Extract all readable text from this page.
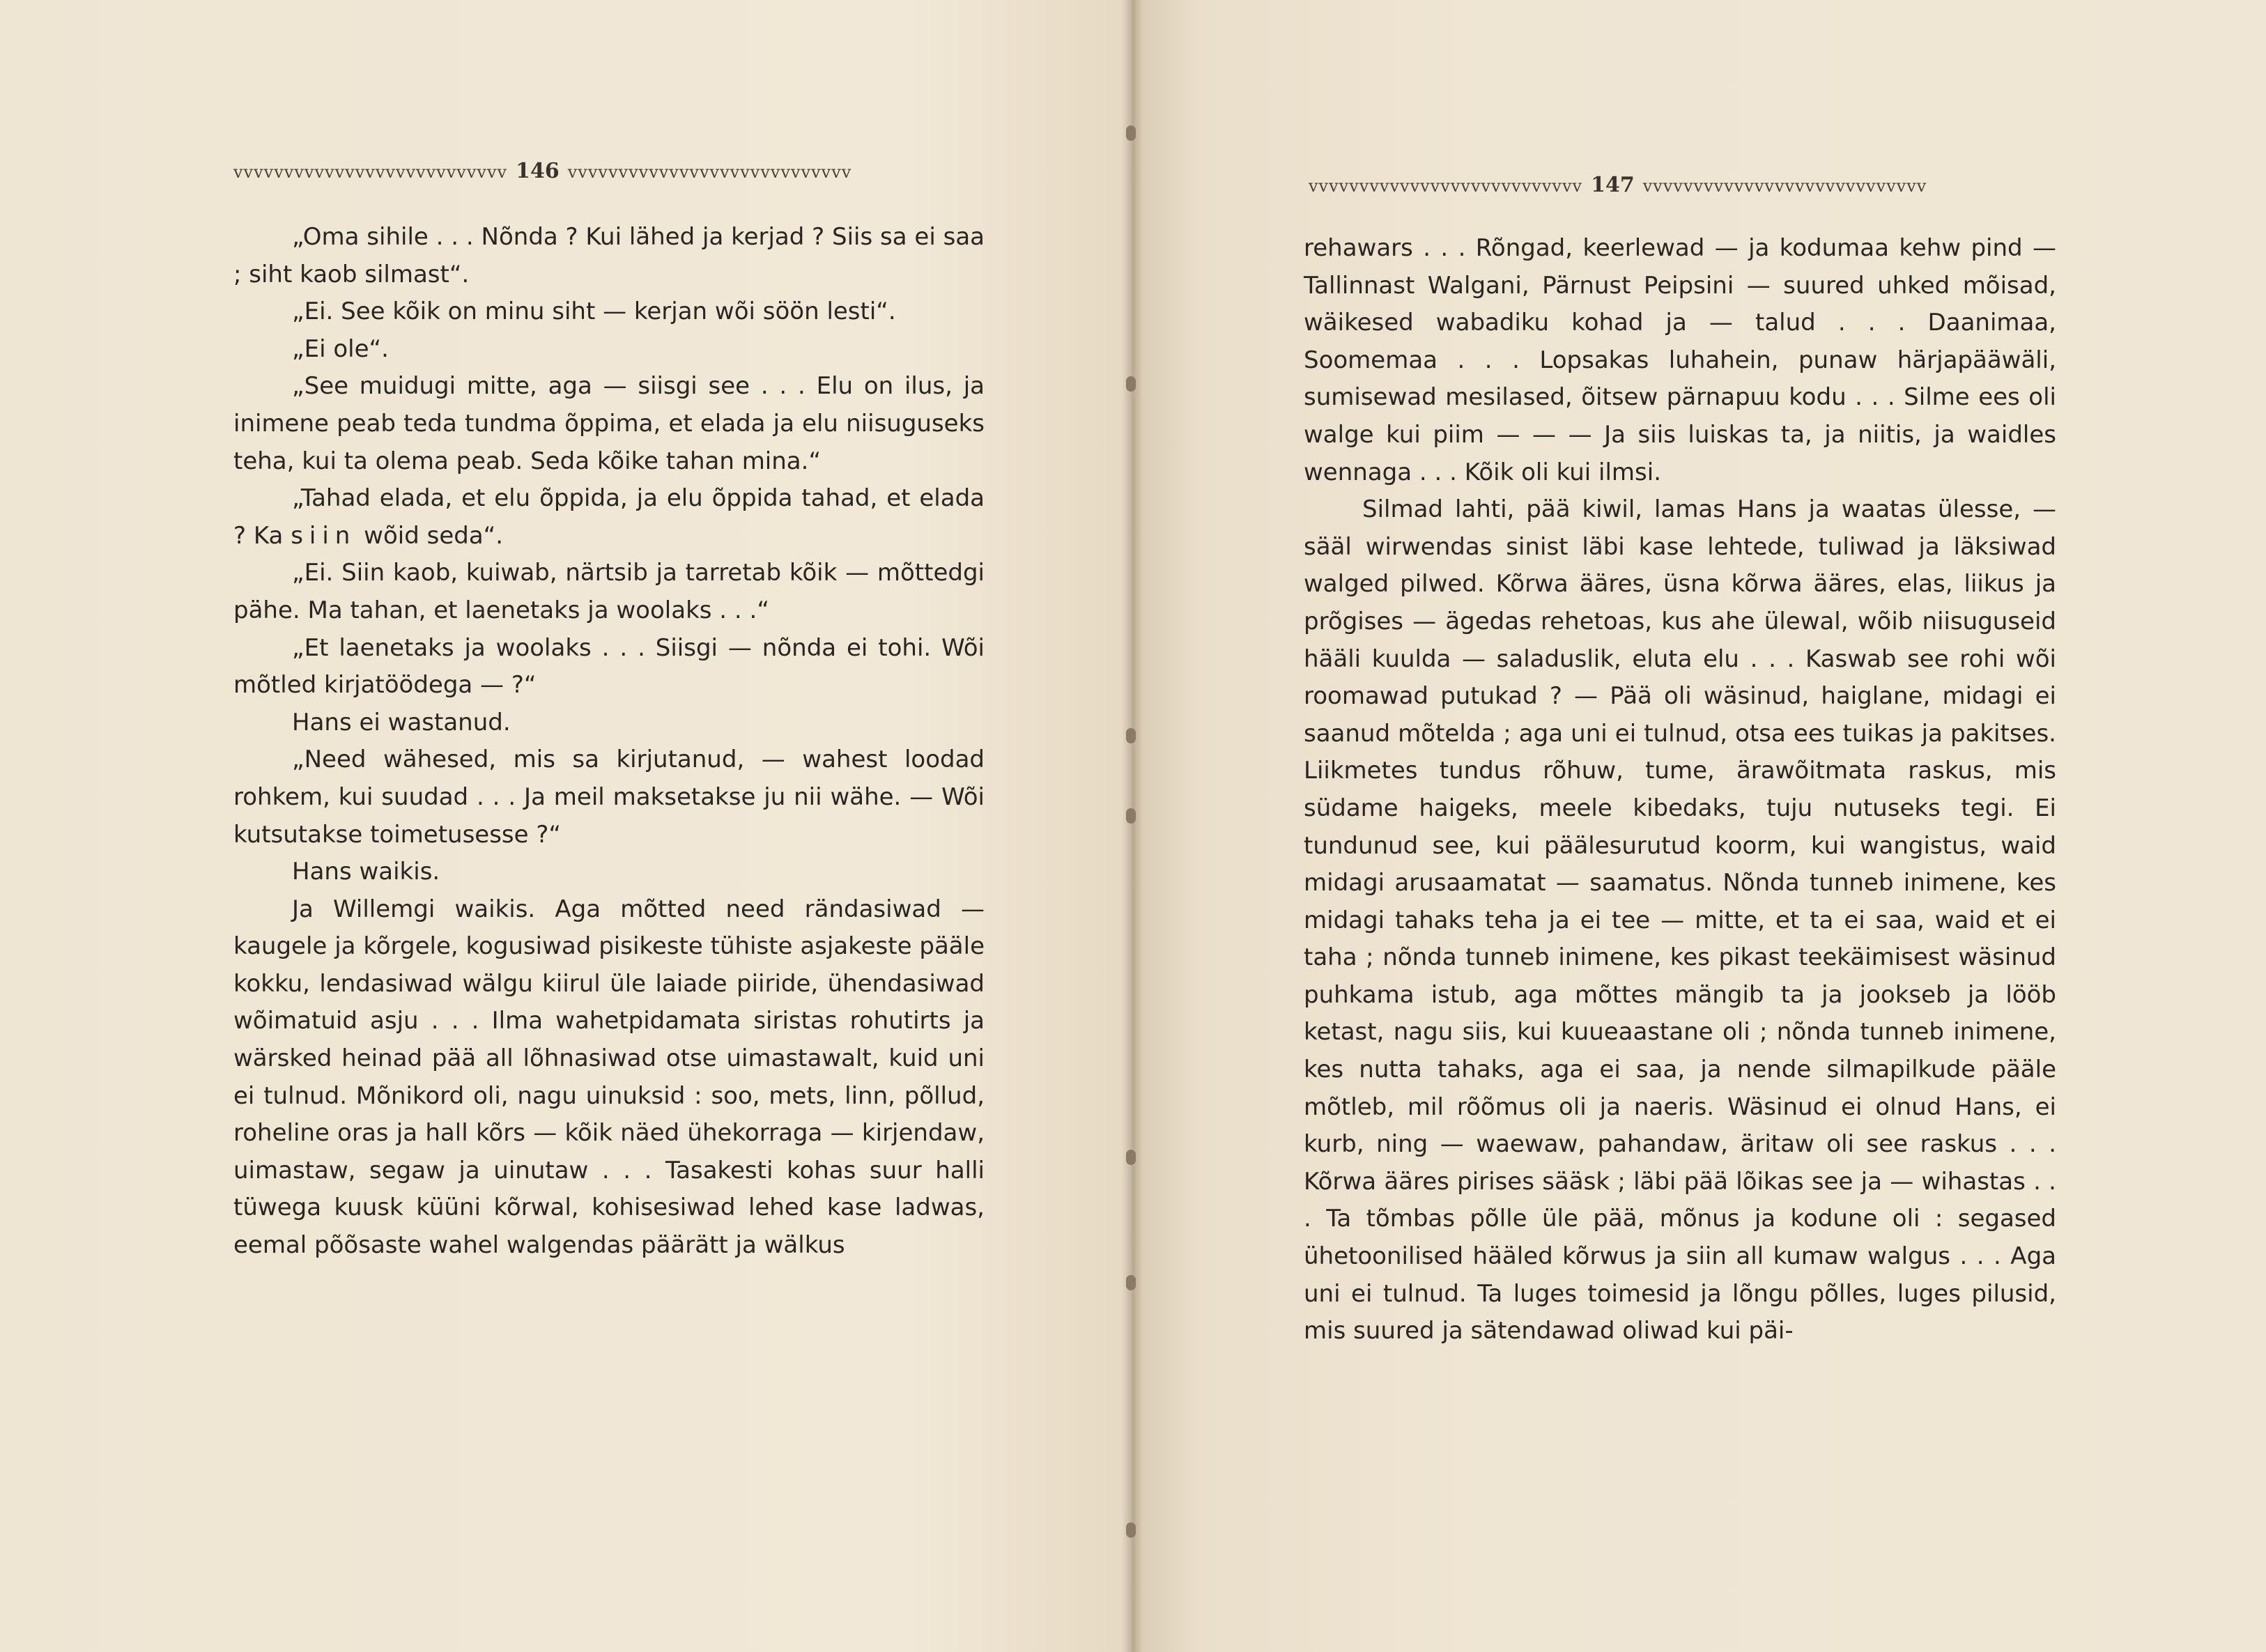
vvvvvvvvvvvvvvvvvvvvvvvvvvv 146 vvvvvvvvvvvvvvvvvvvvvvvvvvvv

„Oma sihile . . . Nõnda ? Kui lähed ja kerjad ? Siis sa ei saa ; siht kaob silmast“.

„Ei. See kõik on minu siht — kerjan wõi söön lesti“.

„Ei ole“.

„See muidugi mitte, aga — siisgi see . . . Elu on ilus, ja inimene peab teda tundma õppima, et elada ja elu niisuguseks teha, kui ta olema peab. Seda kõike tahan mina.“

„Tahad elada, et elu õppida, ja elu õppida tahad, et elada ? Ka siin wõid seda“.

„Ei. Siin kaob, kuiwab, närtsib ja tarretab kõik — mõttedgi pähe. Ma tahan, et laenetaks ja woolaks . . .“

„Et laenetaks ja woolaks . . . Siisgi — nõnda ei tohi. Wõi mõtled kirjatöödega — ?“

Hans ei wastanud.

„Need wähesed, mis sa kirjutanud, — wahest loodad rohkem, kui suudad . . . Ja meil maksetakse ju nii wähe. — Wõi kutsutakse toimetusesse ?“

Hans waikis.

Ja Willemgi waikis. Aga mõtted need rändasiwad — kaugele ja kõrgele, kogusiwad pisikeste tühiste asjakeste pääle kokku, lendasiwad wälgu kiirul üle laiade piiride, ühendasiwad wõimatuid asju . . . Ilma wahetpidamata siristas rohutirts ja wärsked heinad pää all lõhnasiwad otse uimastawalt, kuid uni ei tulnud. Mõnikord oli, nagu uinuksid : soo, mets, linn, põllud, roheline oras ja hall kõrs — kõik näed ühekorraga — kirjendaw, uimastaw, segaw ja uinutaw . . . Tasakesti kohas suur halli tüwega kuusk küüni kõrwal, kohisesiwad lehed kase ladwas, eemal põõsaste wahel walgendas päärätt ja wälkus

vvvvvvvvvvvvvvvvvvvvvvvvvvv 147 vvvvvvvvvvvvvvvvvvvvvvvvvvvv

rehawars . . . Rõngad, keerlewad — ja kodumaa kehw pind — Tallinnast Walgani, Pärnust Peipsini — suured uhked mõisad, wäikesed wabadiku kohad ja — talud . . . Daanimaa, Soomemaa . . . Lopsakas luhahein, punaw härjapääwäli, sumisewad mesilased, õitsew pärnapuu kodu . . . Silme ees oli walge kui piim — — — Ja siis luiskas ta, ja niitis, ja waidles wennaga . . . Kõik oli kui ilmsi.

Silmad lahti, pää kiwil, lamas Hans ja waatas ülesse, — sääl wirwendas sinist läbi kase lehtede, tuliwad ja läksiwad walged pilwed. Kõrwa ääres, üsna kõrwa ääres, elas, liikus ja prõgises — ägedas rehetoas, kus ahe ülewal, wõib niisuguseid hääli kuulda — saladuslik, eluta elu . . . Kaswab see rohi wõi roomawad putukad ? — Pää oli wäsinud, haiglane, midagi ei saanud mõtelda ; aga uni ei tulnud, otsa ees tuikas ja pakitses. Liikmetes tundus rõhuw, tume, ärawõitmata raskus, mis südame haigeks, meele kibedaks, tuju nutuseks tegi. Ei tundunud see, kui päälesurutud koorm, kui wangistus, waid midagi arusaamatat — saamatus. Nõnda tunneb inimene, kes midagi tahaks teha ja ei tee — mitte, et ta ei saa, waid et ei taha ; nõnda tunneb inimene, kes pikast teekäimisest wäsinud puhkama istub, aga mõttes mängib ta ja jookseb ja lööb ketast, nagu siis, kui kuueaastane oli ; nõnda tunneb inimene, kes nutta tahaks, aga ei saa, ja nende silmapilkude pääle mõtleb, mil rõõmus oli ja naeris. Wäsinud ei olnud Hans, ei kurb, ning — waewaw, pahandaw, äritaw oli see raskus . . . Kõrwa ääres pirises sääsk ; läbi pää lõikas see ja — wihastas . . . Ta tõmbas põlle üle pää, mõnus ja kodune oli : segased ühetoonilised hääled kõrwus ja siin all kumaw walgus . . . Aga uni ei tulnud. Ta luges toimesid ja lõngu põlles, luges pilusid, mis suured ja sätendawad oliwad kui päi-
